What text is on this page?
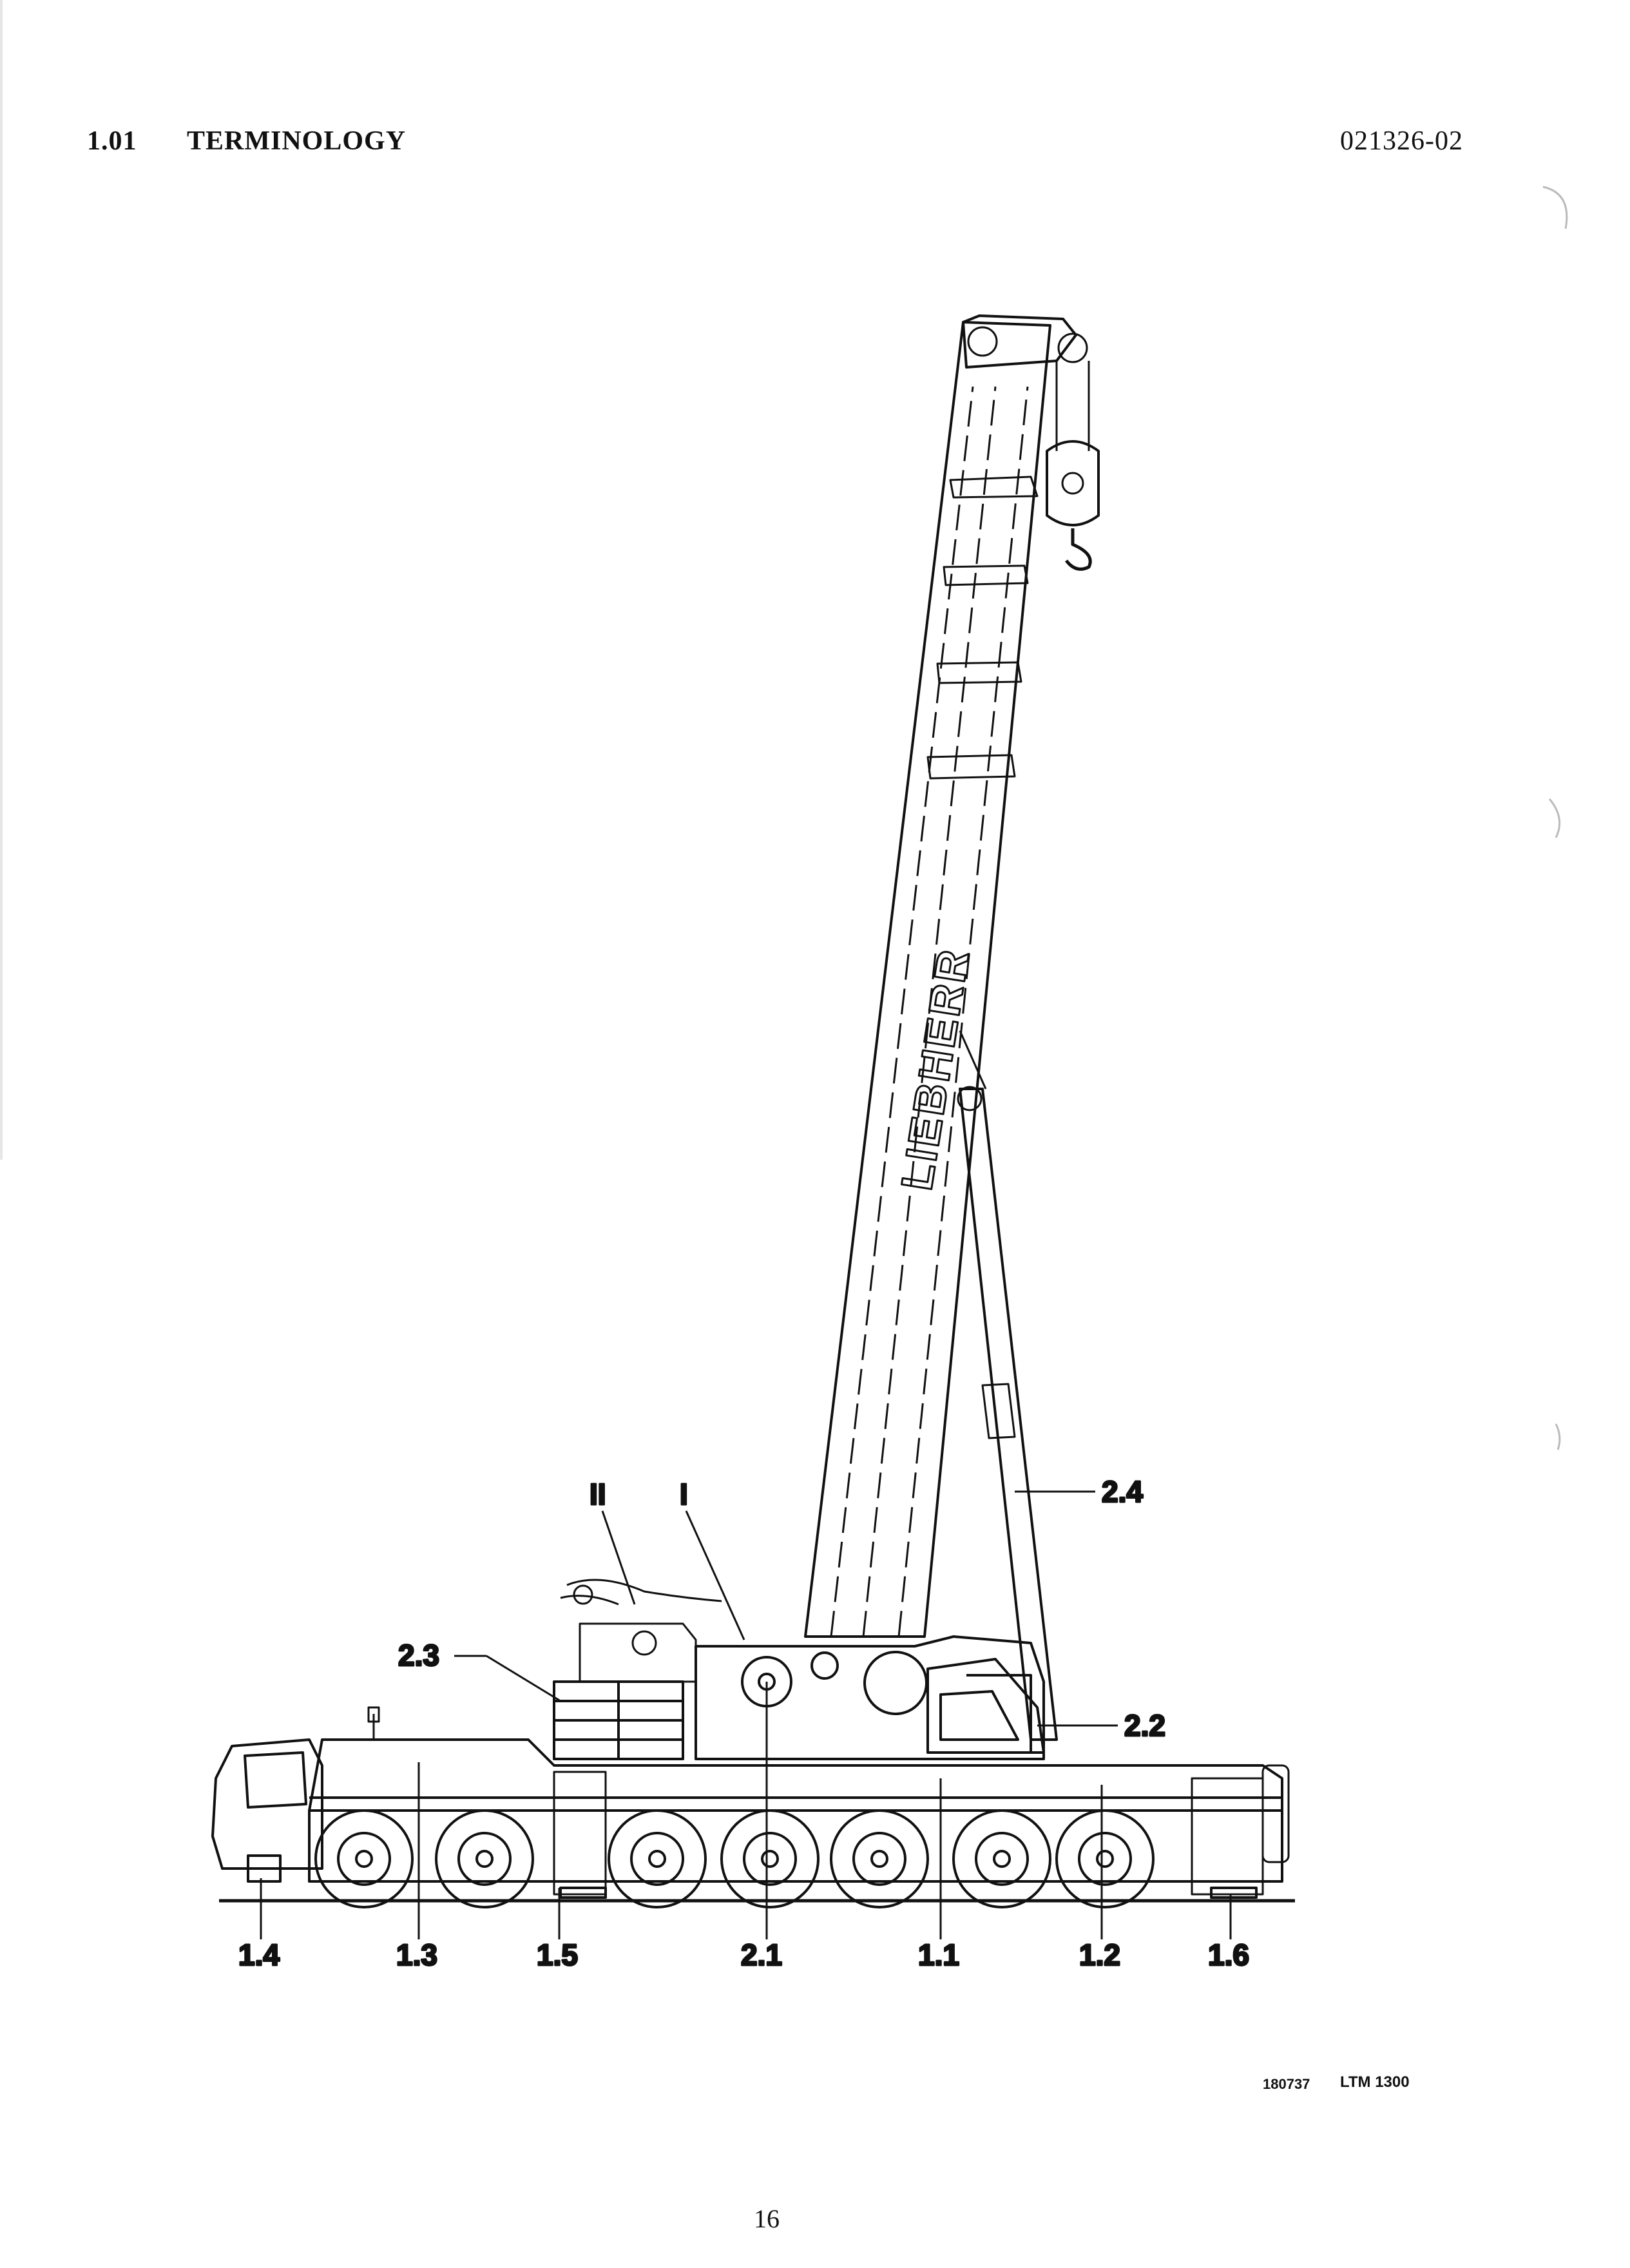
1.01 TERMINOLOGY	021326-02
LIEBHERR
1.4	1.3	1.5	2.1	1.1	1.2	1.6
2.3
2.2
2.4
II I
180737 LTM 1300
16
